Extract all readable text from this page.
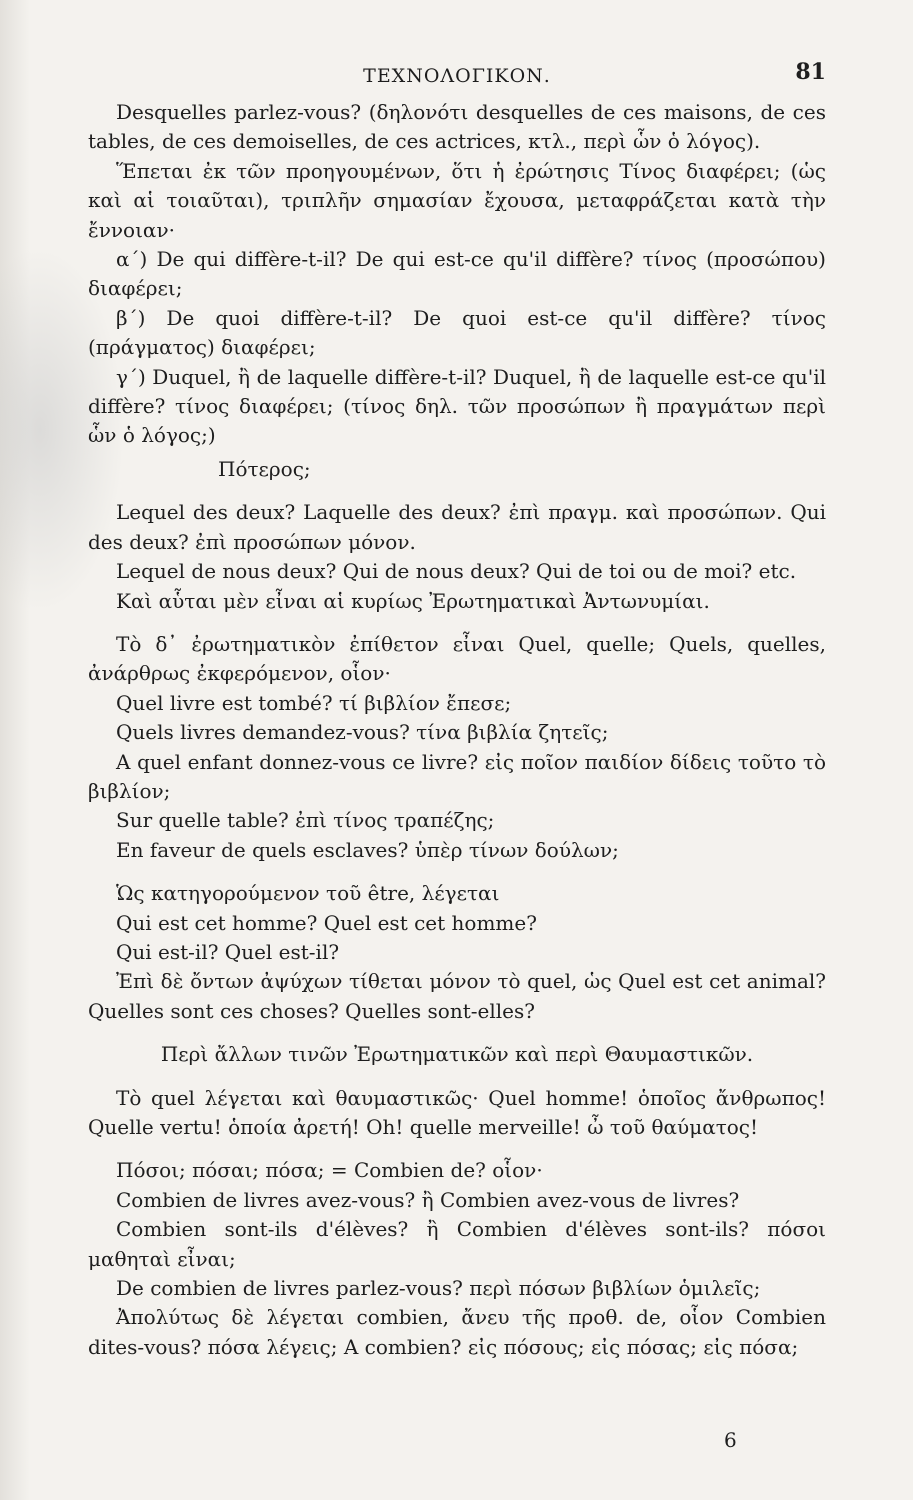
ΤΕΧΝΟΛΟΓΙΚΟΝ.	81

Desquelles parlez-vous? (δηλονότι desquelles de ces maisons, de ces tables, de ces demoiselles, de ces actrices, κτλ., περὶ ὧν ὁ λόγος).

Ἕπεται ἐκ τῶν προηγουμένων, ὅτι ἡ ἐρώτησις Τίνος διαφέρει; (ὡς καὶ αἱ τοιαῦται), τριπλῆν σημασίαν ἔχουσα, μεταφράζεται κατὰ τὴν ἔννοιαν·

α΄) De qui diffère-t-il? De qui est-ce qu'il diffère? τίνος (προσώπου) διαφέρει;

β΄) De quoi diffère-t-il? De quoi est-ce qu'il diffère? τίνος (πράγματος) διαφέρει;

γ΄) Duquel, ἢ de laquelle diffère-t-il? Duquel, ἢ de laquelle est-ce qu'il diffère? τίνος διαφέρει; (τίνος δηλ. τῶν προσώπων ἢ πραγμάτων περὶ ὧν ὁ λόγος;)

Πότερος;

Lequel des deux? Laquelle des deux? ἐπὶ πραγμ. καὶ προσώπων. Qui des deux? ἐπὶ προσώπων μόνον.

Lequel de nous deux? Qui de nous deux? Qui de toi ou de moi? etc.

Καὶ αὗται μὲν εἶναι αἱ κυρίως Ἐρωτηματικαὶ Ἀντωνυμίαι.

Τὸ δ᾽ ἐρωτηματικὸν ἐπίθετον εἶναι Quel, quelle; Quels, quelles, ἀνάρθρως ἐκφερόμενον, οἷον·

Quel livre est tombé? τί βιβλίον ἔπεσε;

Quels livres demandez-vous? τίνα βιβλία ζητεῖς;

A quel enfant donnez-vous ce livre? εἰς ποῖον παιδίον δίδεις τοῦτο τὸ βιβλίον;

Sur quelle table? ἐπὶ τίνος τραπέζης;

En faveur de quels esclaves? ὑπὲρ τίνων δούλων;

Ὡς κατηγορούμενον τοῦ être, λέγεται

Qui est cet homme? Quel est cet homme?

Qui est-il? Quel est-il?

Ἐπὶ δὲ ὄντων ἀψύχων τίθεται μόνον τὸ quel, ὡς Quel est cet animal? Quelles sont ces choses? Quelles sont-elles?

Περὶ ἄλλων τινῶν Ἐρωτηματικῶν καὶ περὶ Θαυμαστικῶν.

Τὸ quel λέγεται καὶ θαυμαστικῶς· Quel homme! ὁποῖος ἄνθρωπος! Quelle vertu! ὁποία ἀρετή! Oh! quelle merveille! ὦ τοῦ θαύματος!

Πόσοι; πόσαι; πόσα; = Combien de? οἷον·

Combien de livres avez-vous? ἢ Combien avez-vous de livres?

Combien sont-ils d'élèves? ἢ Combien d'élèves sont-ils? πόσοι μαθηταὶ εἶναι;

De combien de livres parlez-vous? περὶ πόσων βιβλίων ὁμιλεῖς;

Ἀπολύτως δὲ λέγεται combien, ἄνευ τῆς προθ. de, οἷον Combien dites-vous? πόσα λέγεις; A combien? εἰς πόσους; εἰς πόσας; εἰς πόσα;

6
